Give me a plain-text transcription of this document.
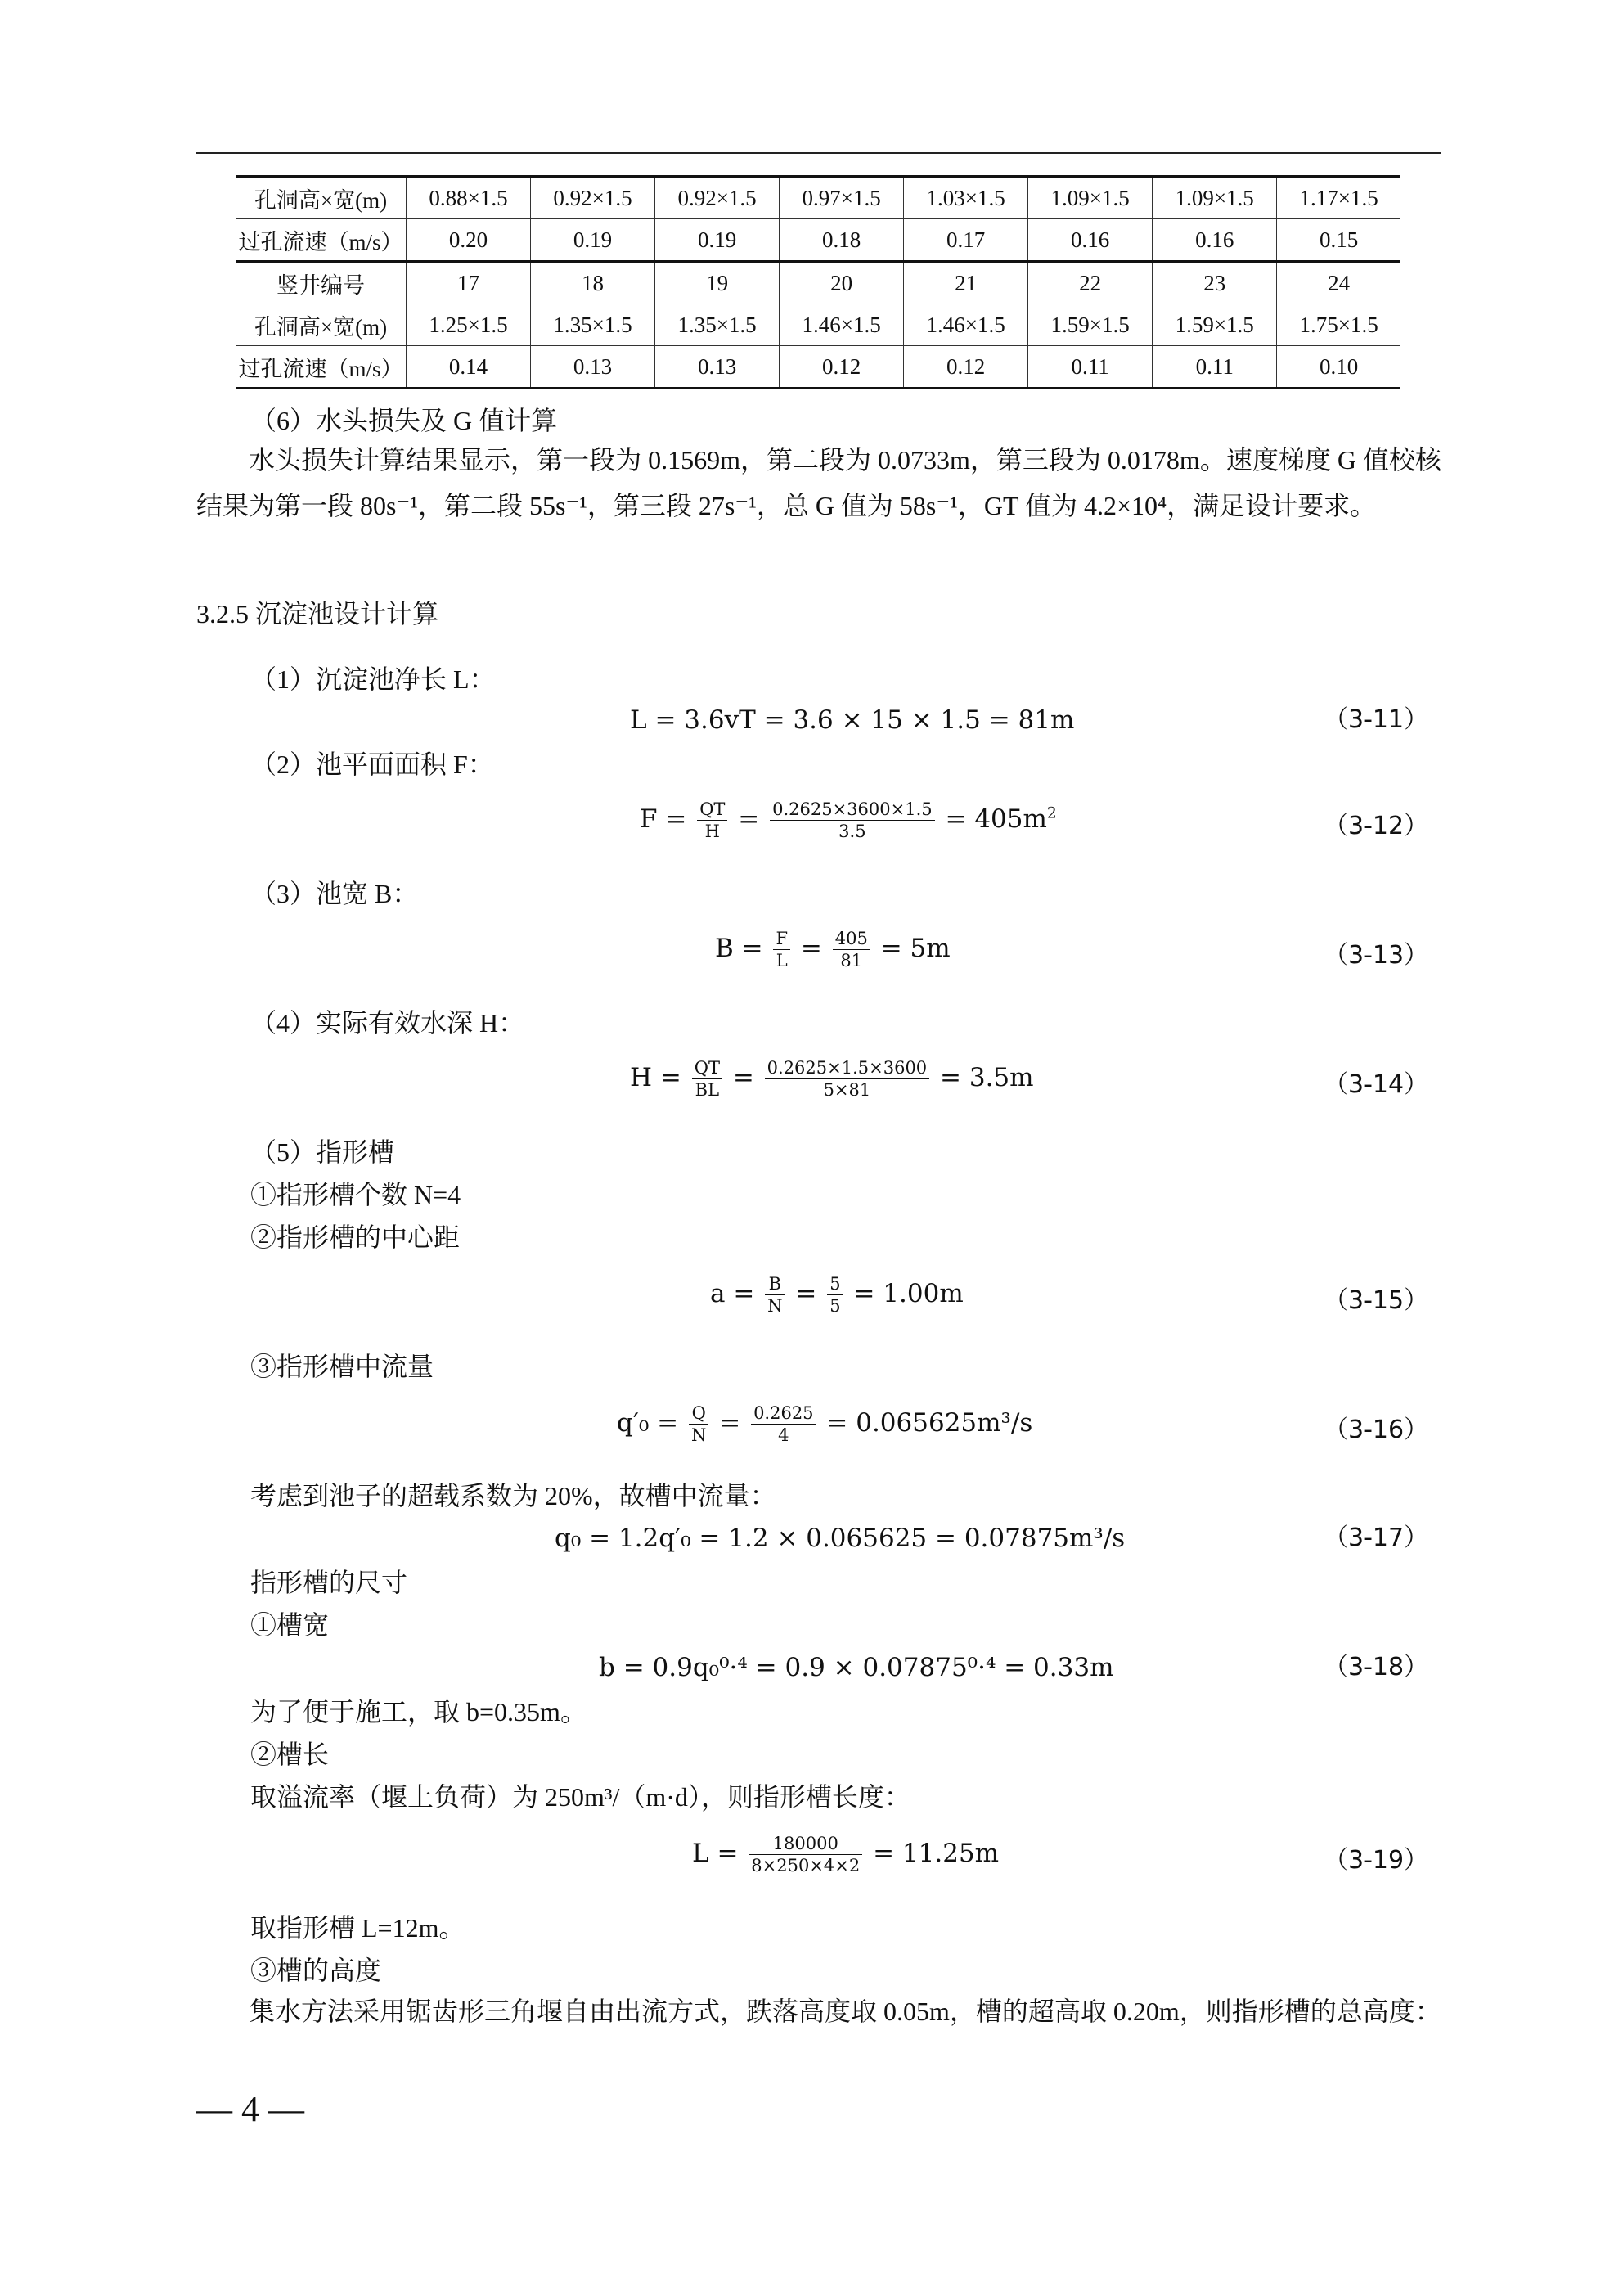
孔洞高×宽(m)	0.88×1.5	0.92×1.5	0.92×1.5	0.97×1.5	1.03×1.5	1.09×1.5	1.09×1.5	1.17×1.5
过孔流速（m/s）	0.20	0.19	0.19	0.18	0.17	0.16	0.16	0.15
竖井编号	17	18	19	20	21	22	23	24
孔洞高×宽(m)	1.25×1.5	1.35×1.5	1.35×1.5	1.46×1.5	1.46×1.5	1.59×1.5	1.59×1.5	1.75×1.5
过孔流速（m/s）	0.14	0.13	0.13	0.12	0.12	0.11	0.11	0.10
（6）水头损失及 G 值计算
水头损失计算结果显示，第一段为 0.1569m，第二段为 0.0733m，第三段为 0.0178m。速度梯度 G 值校核结果为第一段 80s⁻¹，第二段 55s⁻¹，第三段 27s⁻¹，总 G 值为 58s⁻¹，GT 值为 4.2×10⁴，满足设计要求。
3.2.5 沉淀池设计计算
（1）沉淀池净长 L：
L = 3.6vT = 3.6 × 15 × 1.5 = 81m	（3-11）
（2）池平面面积 F：
$F = \frac{QT}{H} = \frac{0.2625\times 3600\times 1.5}{3.5} = 405m^2$	（3-12）
（3）池宽 B：
$B = \frac{F}{L} = \frac{405}{81} = 5m$	（3-13）
（4）实际有效水深 H：
$H = \frac{QT}{BL} = \frac{0.2625\times 1.5\times 3600}{5\times 81} = 3.5m$	（3-14）
（5）指形槽
①指形槽个数 N=4
②指形槽的中心距
$a = \frac{B}{N} = \frac{5}{5} = 1.00m$	（3-15）
③指形槽中流量
$q'_0 = \frac{Q}{N} = \frac{0.2625}{4} = 0.065625m^3/s$	（3-16）
考虑到池子的超载系数为 20%，故槽中流量：
q₀ = 1.2q′₀ = 1.2 × 0.065625 = 0.07875m³/s	（3-17）
指形槽的尺寸
①槽宽
b = 0.9q₀⁰·⁴ = 0.9 × 0.07875⁰·⁴ = 0.33m	（3-18）
为了便于施工，取 b=0.35m。
②槽长
取溢流率（堰上负荷）为 250m³/（m·d），则指形槽长度：
$L = \frac{180000}{8\times 250\times 4\times 2} = 11.25m$	（3-19）
取指形槽 L=12m。
③槽的高度
集水方法采用锯齿形三角堰自由出流方式，跌落高度取 0.05m，槽的超高取 0.20m，则指形槽的总高度：
— 4 —
